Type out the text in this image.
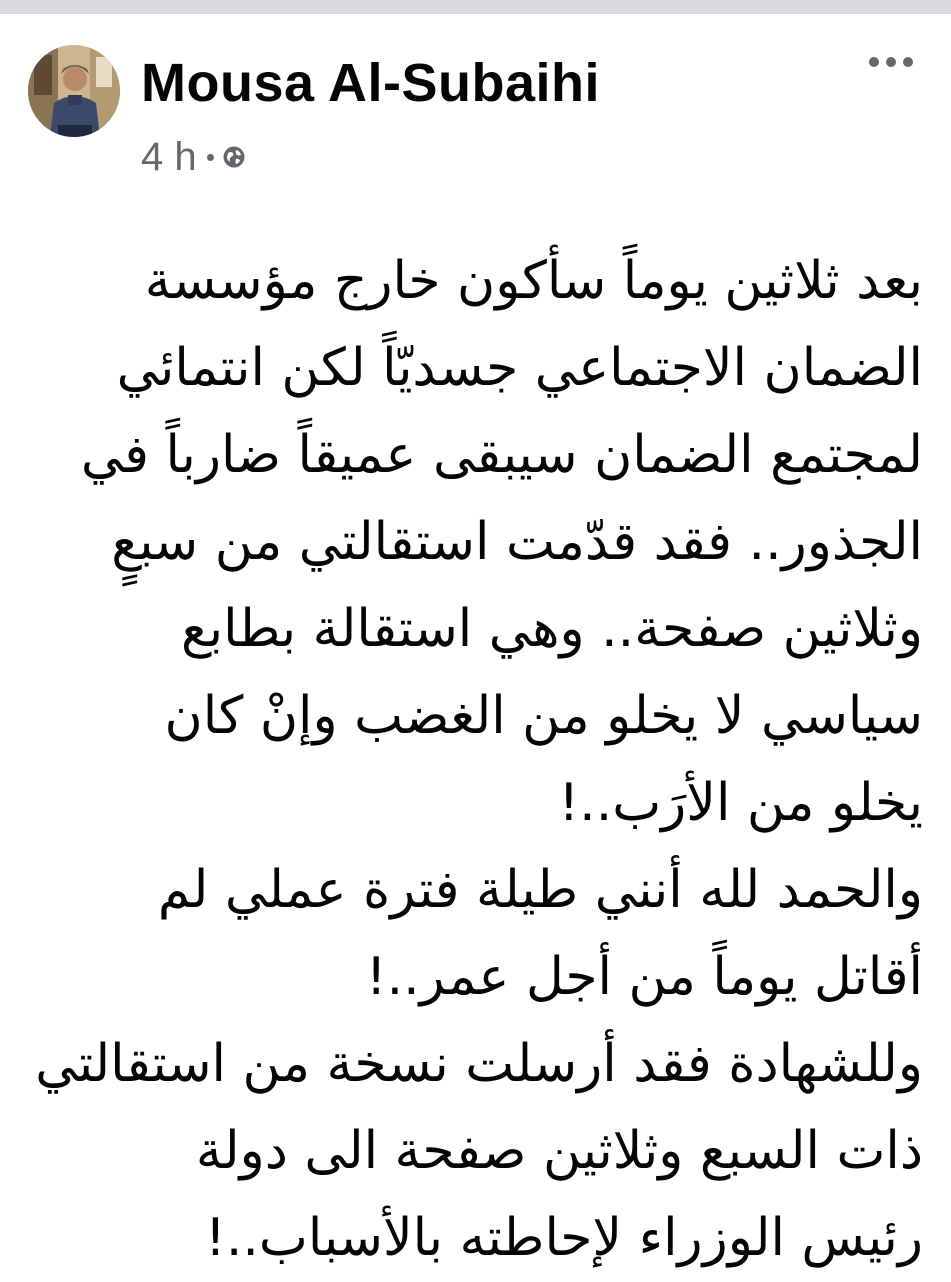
Mousa Al-Subaihi
4 h
بعد ثلاثين يوماً سأكون خارج مؤسسة
الضمان الاجتماعي جسديّاً لكن انتمائي
لمجتمع الضمان سيبقى عميقاً ضارباً في
الجذور.. فقد قدّمت استقالتي من سبعٍ
وثلاثين صفحة.. وهي استقالة بطابع
سياسي لا يخلو من الغضب وإنْ كان
يخلو من الأرَب..!
والحمد لله أنني طيلة فترة عملي لم
أقاتل يوماً من أجل عمر..!
وللشهادة فقد أرسلت نسخة من استقالتي
ذات السبع وثلاثين صفحة الى دولة
رئيس الوزراء لإحاطته بالأسباب..!
